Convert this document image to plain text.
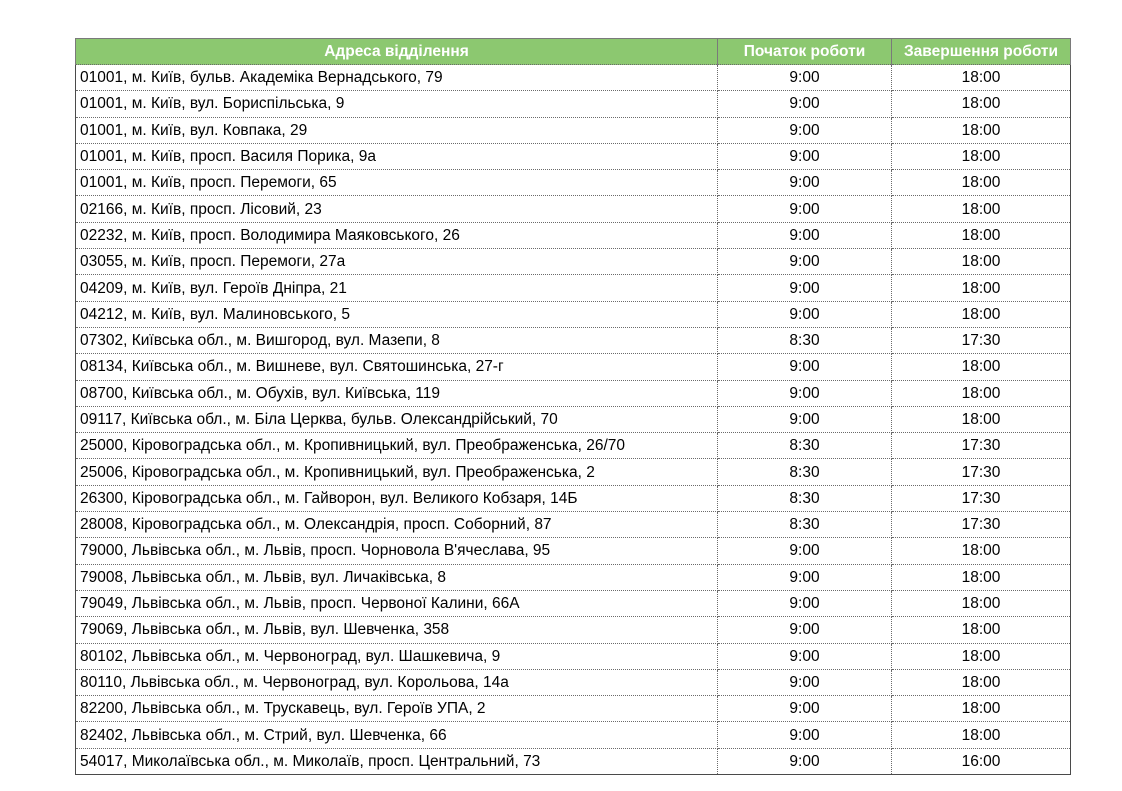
Адреса відділення	Початок роботи	Завершення роботи
01001, м. Київ, бульв. Академіка Вернадського, 79	9:00	18:00
01001, м. Київ, вул. Бориспільська, 9	9:00	18:00
01001, м. Київ, вул. Ковпака, 29	9:00	18:00
01001, м. Київ, просп. Василя Порика, 9а	9:00	18:00
01001, м. Київ, просп. Перемоги, 65	9:00	18:00
02166, м. Київ, просп. Лісовий, 23	9:00	18:00
02232, м. Київ, просп. Володимира Маяковського, 26	9:00	18:00
03055, м. Київ, просп. Перемоги, 27а	9:00	18:00
04209, м. Київ, вул. Героїв Дніпра, 21	9:00	18:00
04212, м. Київ, вул. Малиновського, 5	9:00	18:00
07302, Київська обл., м. Вишгород, вул. Мазепи, 8	8:30	17:30
08134, Київська обл., м. Вишневе, вул. Святошинська, 27-г	9:00	18:00
08700, Київська обл., м. Обухів, вул. Київська, 119	9:00	18:00
09117, Київська обл., м. Біла Церква, бульв. Олександрійський, 70	9:00	18:00
25000, Кіровоградська обл., м. Кропивницький, вул. Преображенська, 26/70	8:30	17:30
25006, Кіровоградська обл., м. Кропивницький, вул. Преображенська, 2	8:30	17:30
26300, Кіровоградська обл., м. Гайворон, вул. Великого Кобзаря, 14Б	8:30	17:30
28008, Кіровоградська обл., м. Олександрія, просп. Соборний, 87	8:30	17:30
79000, Львівська обл., м. Львів, просп. Чорновола В'ячеслава, 95	9:00	18:00
79008, Львівська обл., м. Львів, вул. Личаківська, 8	9:00	18:00
79049, Львівська обл., м. Львів, просп. Червоної Калини, 66А	9:00	18:00
79069, Львівська обл., м. Львів, вул. Шевченка, 358	9:00	18:00
80102, Львівська обл., м. Червоноград, вул. Шашкевича, 9	9:00	18:00
80110, Львівська обл., м. Червоноград, вул. Корольова, 14а	9:00	18:00
82200, Львівська обл., м. Трускавець, вул. Героїв УПА, 2	9:00	18:00
82402, Львівська обл., м. Стрий, вул. Шевченка, 66	9:00	18:00
54017, Миколаївська обл., м. Миколаїв, просп. Центральний, 73	9:00	16:00
